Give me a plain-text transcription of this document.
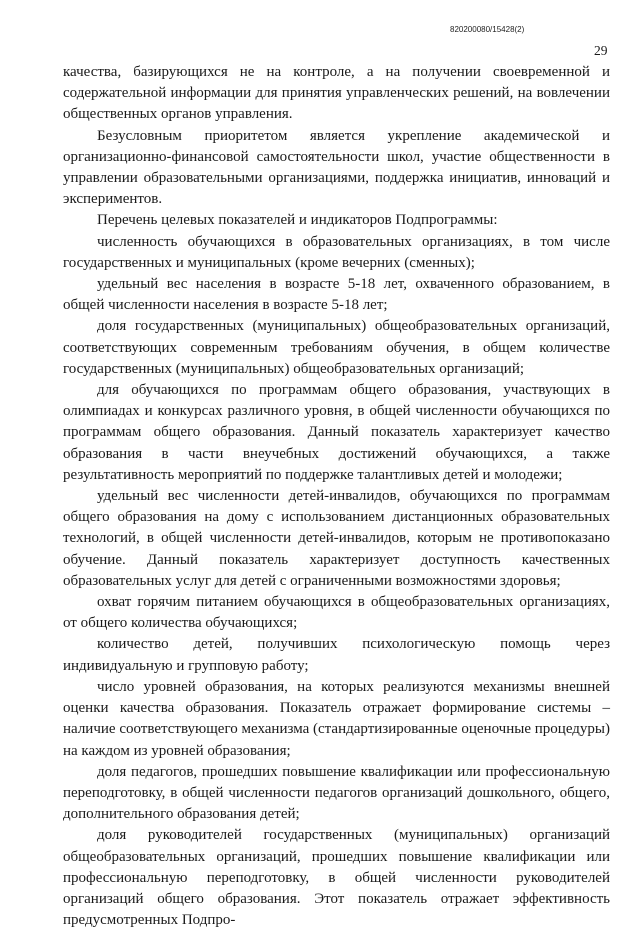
820200080/15428(2)
29

качества, базирующихся не на контроле, а на получении своевременной и содержательной информации для принятия управленческих решений, на вовлечении общественных органов управления.

Безусловным приоритетом является укрепление академической и организационно-финансовой самостоятельности школ, участие общественности в управлении образовательными организациями, поддержка инициатив, инноваций и экспериментов.

Перечень целевых показателей и индикаторов Подпрограммы:

численность обучающихся в образовательных организациях, в том числе государственных и муниципальных (кроме вечерних (сменных);

удельный вес населения в возрасте 5-18 лет, охваченного образованием, в общей численности населения в возрасте 5-18 лет;

доля государственных (муниципальных) общеобразовательных организаций, соответствующих современным требованиям обучения, в общем количестве государственных (муниципальных) общеобразовательных организаций;

для обучающихся по программам общего образования, участвующих в олимпиадах и конкурсах различного уровня, в общей численности обучающихся по программам общего образования. Данный показатель характеризует качество образования в части внеучебных достижений обучающихся, а также результативность мероприятий по поддержке талантливых детей и молодежи;

удельный вес численности детей-инвалидов, обучающихся по программам общего образования на дому с использованием дистанционных образовательных технологий, в общей численности детей-инвалидов, которым не противопоказано обучение. Данный показатель характеризует доступность качественных образовательных услуг для детей с ограниченными возможностями здоровья;

охват горячим питанием обучающихся в общеобразовательных организациях, от общего количества обучающихся;

количество детей, получивших психологическую помощь через индивидуальную и групповую работу;

число уровней образования, на которых реализуются механизмы внешней оценки качества образования. Показатель отражает формирование системы – наличие соответствующего механизма (стандартизированные оценочные процедуры) на каждом из уровней образования;

доля педагогов, прошедших повышение квалификации или профессиональную переподготовку, в общей численности педагогов организаций дошкольного, общего, дополнительного образования детей;

доля руководителей государственных (муниципальных) организаций общеобразовательных организаций, прошедших повышение квалификации или профессиональную переподготовку, в общей численности руководителей организаций общего образования. Этот показатель отражает эффективность предусмотренных Подпро-
